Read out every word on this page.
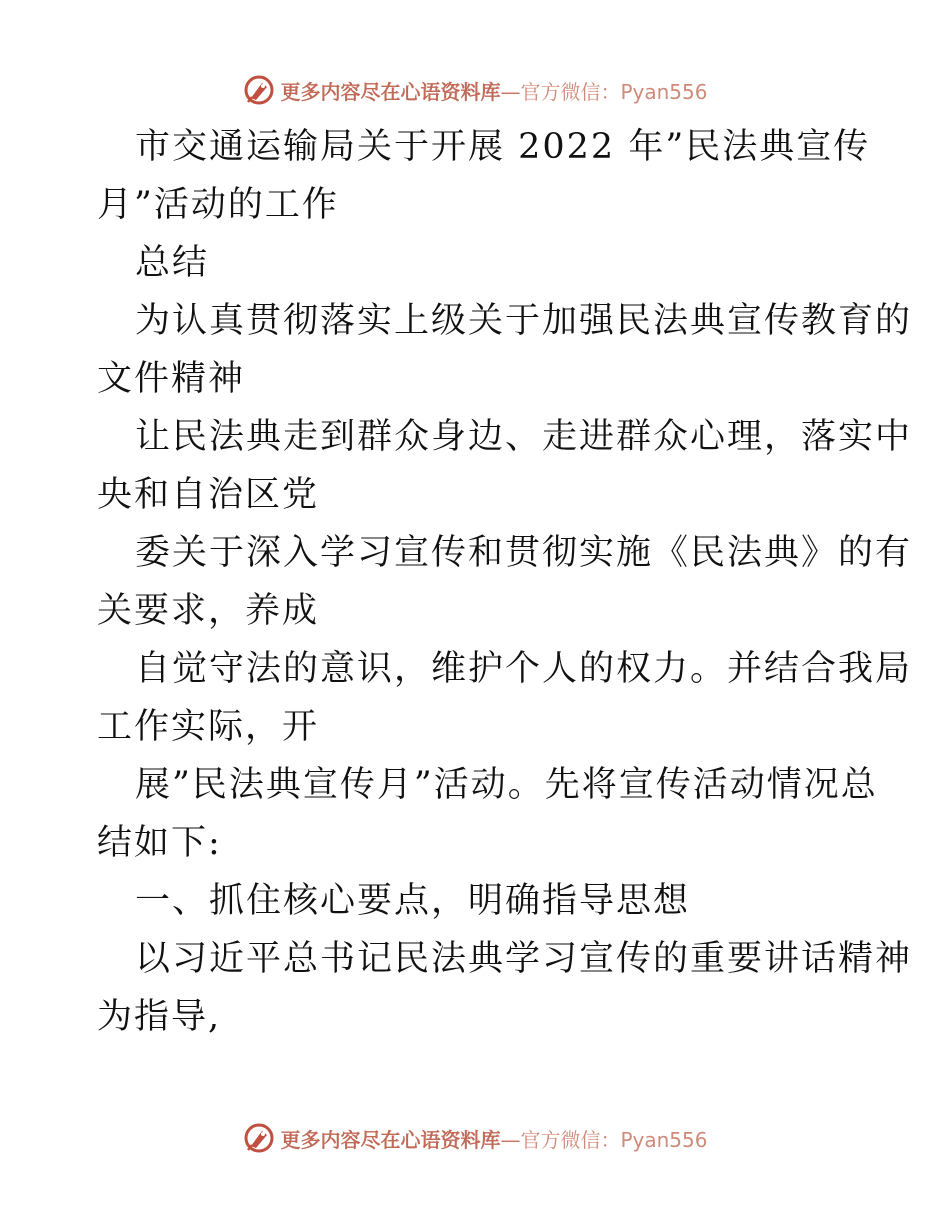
更多内容尽在心语资料库—官方微信：Pyan556
市交通运输局关于开展 2022 年”民法典宣传
月”活动的工作
总结
为认真贯彻落实上级关于加强民法典宣传教育的
文件精神
让民法典走到群众身边、走进群众心理，落实中
央和自治区党
委关于深入学习宣传和贯彻实施《民法典》的有
关要求，养成
自觉守法的意识，维护个人的权力。并结合我局
工作实际，开
展”民法典宣传月”活动。先将宣传活动情况总
结如下:
一、抓住核心要点，明确指导思想
以习近平总书记民法典学习宣传的重要讲话精神
为指导,
更多内容尽在心语资料库—官方微信：Pyan556
